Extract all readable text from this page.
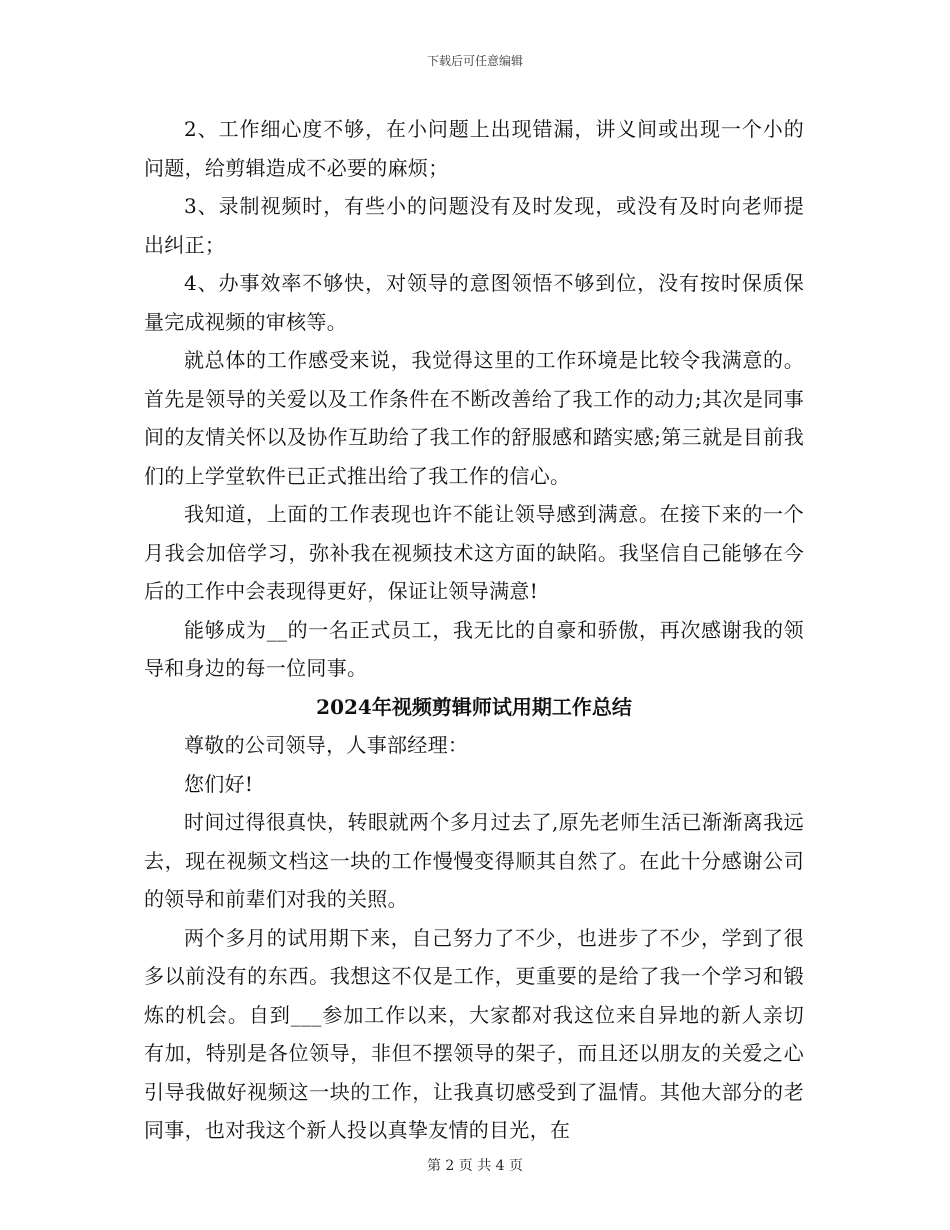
下载后可任意编辑

2、工作细心度不够，在小问题上出现错漏，讲义间或出现一个小的问题，给剪辑造成不必要的麻烦；

3、录制视频时，有些小的问题没有及时发现，或没有及时向老师提出纠正；

4、办事效率不够快，对领导的意图领悟不够到位，没有按时保质保量完成视频的审核等。

就总体的工作感受来说，我觉得这里的工作环境是比较令我满意的。首先是领导的关爱以及工作条件在不断改善给了我工作的动力;其次是同事间的友情关怀以及协作互助给了我工作的舒服感和踏实感;第三就是目前我们的上学堂软件已正式推出给了我工作的信心。

我知道，上面的工作表现也许不能让领导感到满意。在接下来的一个月我会加倍学习，弥补我在视频技术这方面的缺陷。我坚信自己能够在今后的工作中会表现得更好，保证让领导满意!

能够成为__的一名正式员工，我无比的自豪和骄傲，再次感谢我的领导和身边的每一位同事。

2024年视频剪辑师试用期工作总结

尊敬的公司领导，人事部经理：

您们好!

时间过得很真快，转眼就两个多月过去了,原先老师生活已渐渐离我远去，现在视频文档这一块的工作慢慢变得顺其自然了。在此十分感谢公司的领导和前辈们对我的关照。

两个多月的试用期下来，自己努力了不少，也进步了不少，学到了很多以前没有的东西。我想这不仅是工作，更重要的是给了我一个学习和锻炼的机会。自到___参加工作以来，大家都对我这位来自异地的新人亲切有加，特别是各位领导，非但不摆领导的架子，而且还以朋友的关爱之心引导我做好视频这一块的工作，让我真切感受到了温情。其他大部分的老同事，也对我这个新人投以真挚友情的目光，在

第 2 页 共 4 页
